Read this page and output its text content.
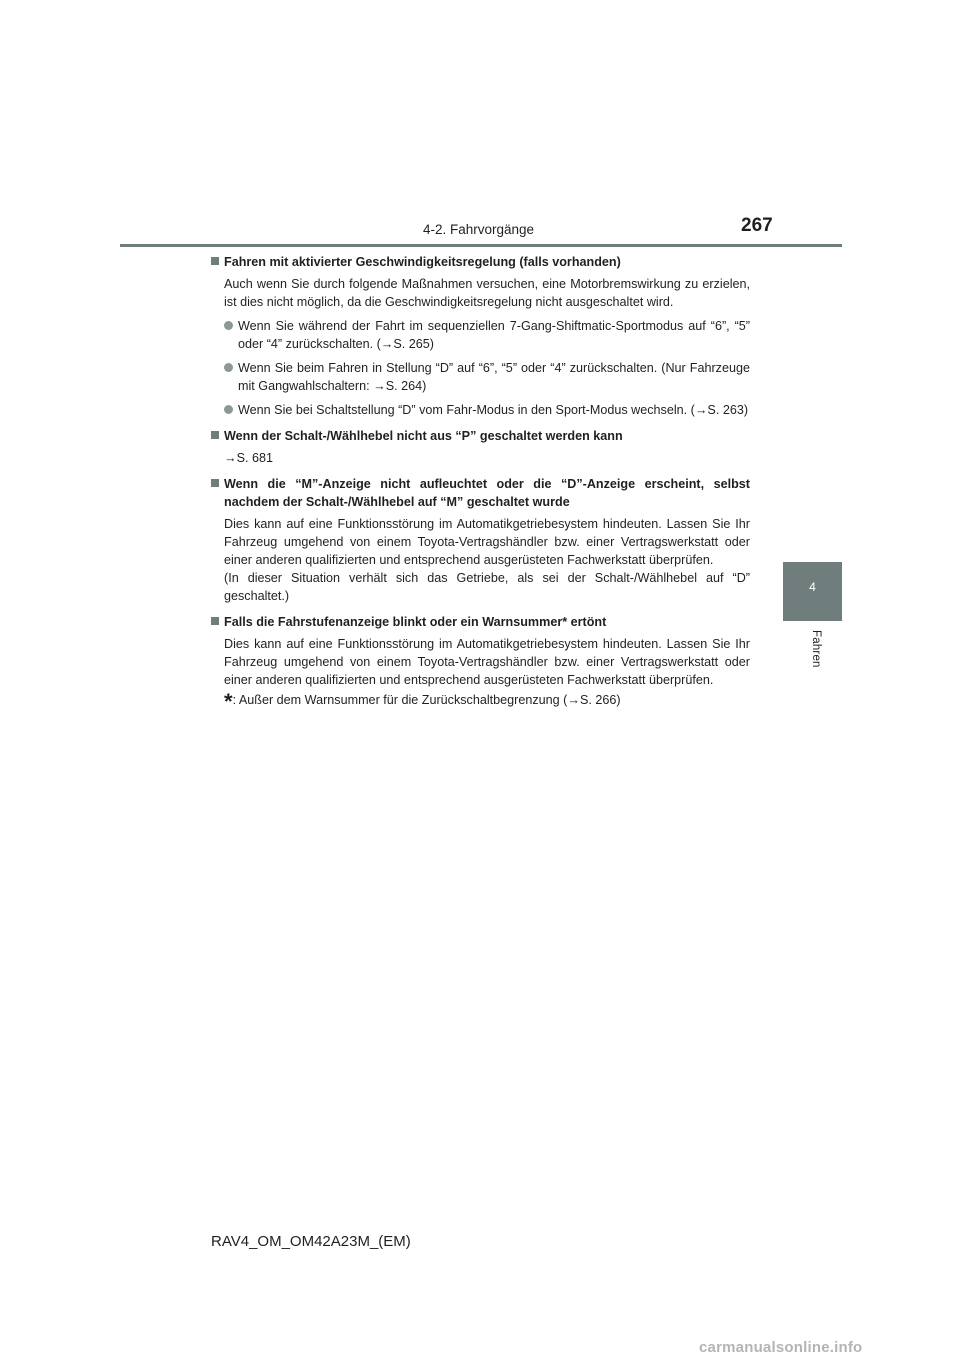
4-2. Fahrvorgänge	267
4
Fahren
Fahren mit aktivierter Geschwindigkeitsregelung (falls vorhanden)
Auch wenn Sie durch folgende Maßnahmen versuchen, eine Motorbremswirkung zu erzielen, ist dies nicht möglich, da die Geschwindigkeitsregelung nicht ausgeschaltet wird.
Wenn Sie während der Fahrt im sequenziellen 7-Gang-Shiftmatic-Sportmodus auf “6”, “5” oder “4” zurückschalten. (→S. 265)
Wenn Sie beim Fahren in Stellung “D” auf “6”, “5” oder “4” zurückschalten. (Nur Fahrzeuge mit Gangwahlschaltern: →S. 264)
Wenn Sie bei Schaltstellung “D” vom Fahr-Modus in den Sport-Modus wechseln. (→S. 263)
Wenn der Schalt-/Wählhebel nicht aus “P” geschaltet werden kann
→S. 681
Wenn die “M”-Anzeige nicht aufleuchtet oder die “D”-Anzeige erscheint, selbst nachdem der Schalt-/Wählhebel auf “M” geschaltet wurde
Dies kann auf eine Funktionsstörung im Automatikgetriebesystem hindeuten. Lassen Sie Ihr Fahrzeug umgehend von einem Toyota-Vertragshändler bzw. einer Vertragswerkstatt oder einer anderen qualifizierten und entsprechend ausgerüsteten Fachwerkstatt überprüfen.
(In dieser Situation verhält sich das Getriebe, als sei der Schalt-/Wählhebel auf “D” geschaltet.)
Falls die Fahrstufenanzeige blinkt oder ein Warnsummer* ertönt
Dies kann auf eine Funktionsstörung im Automatikgetriebesystem hindeuten. Lassen Sie Ihr Fahrzeug umgehend von einem Toyota-Vertragshändler bzw. einer Vertragswerkstatt oder einer anderen qualifizierten und entsprechend ausgerüsteten Fachwerkstatt überprüfen.
*: Außer dem Warnsummer für die Zurückschaltbegrenzung (→S. 266)
RAV4_OM_OM42A23M_(EM)
carmanualsonline.info
